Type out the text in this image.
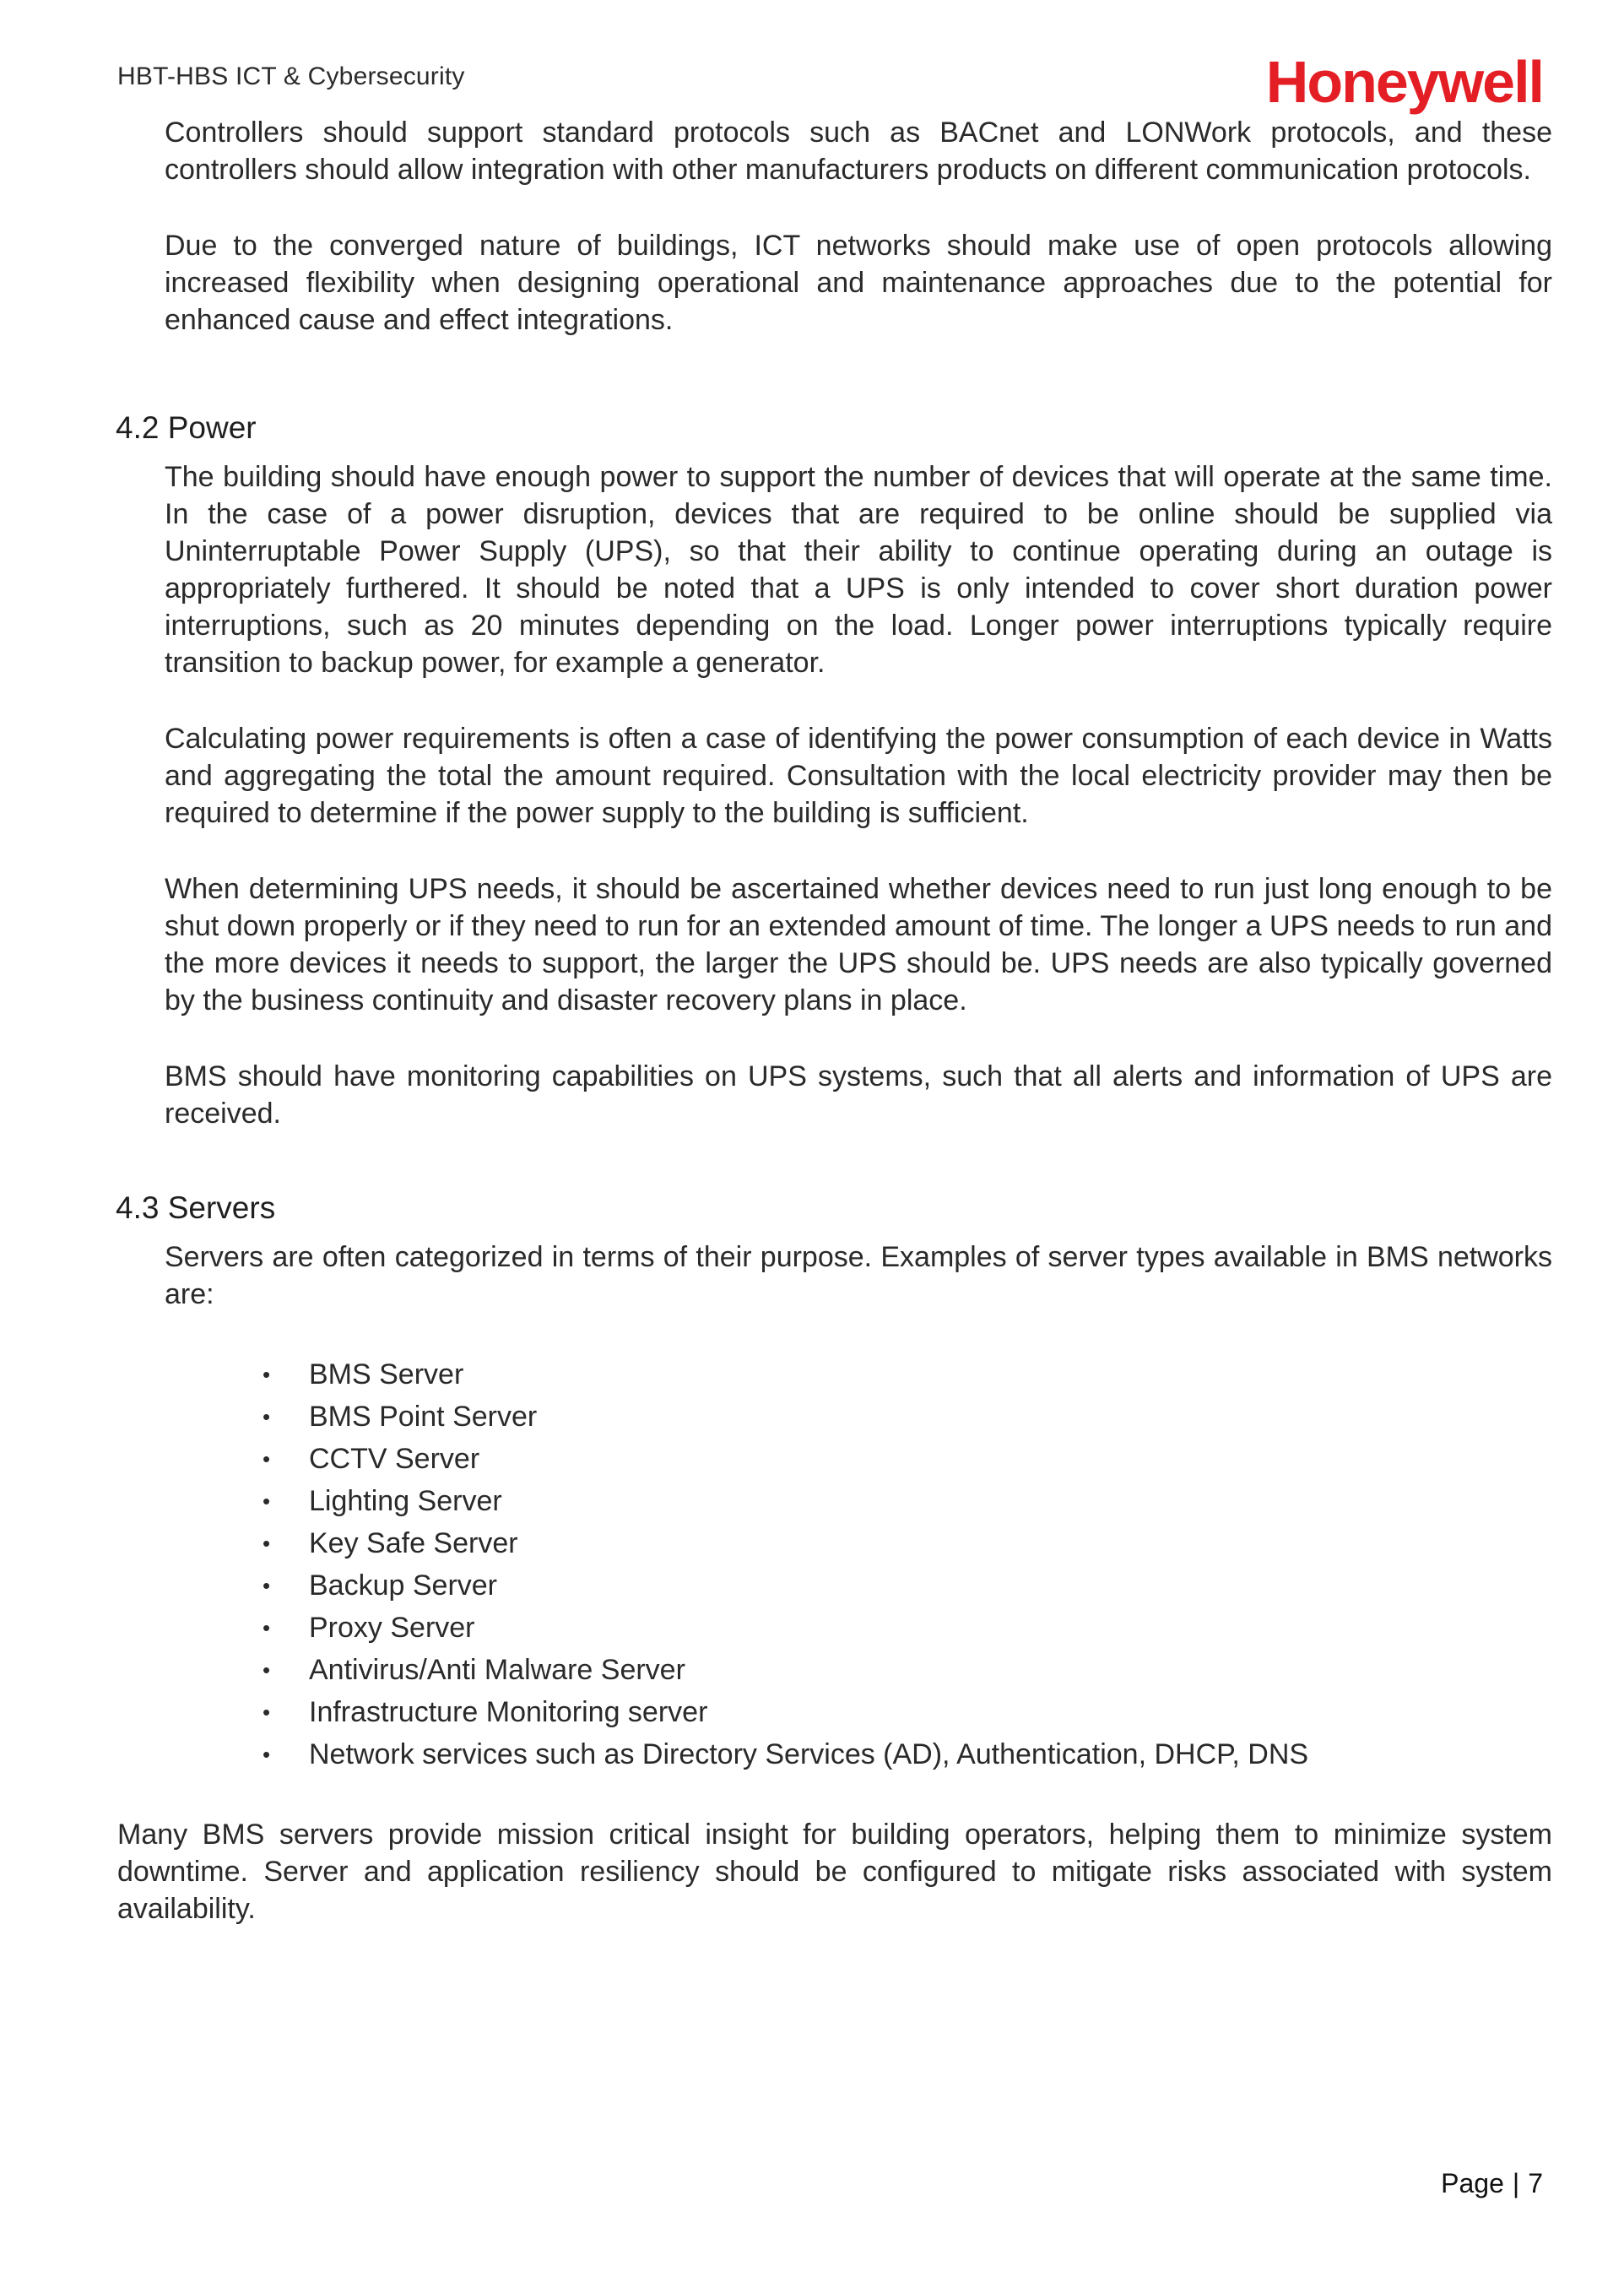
HBT-HBS ICT & Cybersecurity	Honeywell

Controllers should support standard protocols such as BACnet and LONWork protocols, and these controllers should allow integration with other manufacturers products on different communication protocols.

Due to the converged nature of buildings, ICT networks should make use of open protocols allowing increased flexibility when designing operational and maintenance approaches due to the potential for enhanced cause and effect integrations.

4.2 Power

The building should have enough power to support the number of devices that will operate at the same time. In the case of a power disruption, devices that are required to be online should be supplied via Uninterruptable Power Supply (UPS), so that their ability to continue operating during an outage is appropriately furthered. It should be noted that a UPS is only intended to cover short duration power interruptions, such as 20 minutes depending on the load. Longer power interruptions typically require transition to backup power, for example a generator.

Calculating power requirements is often a case of identifying the power consumption of each device in Watts and aggregating the total the amount required. Consultation with the local electricity provider may then be required to determine if the power supply to the building is sufficient.

When determining UPS needs, it should be ascertained whether devices need to run just long enough to be shut down properly or if they need to run for an extended amount of time. The longer a UPS needs to run and the more devices it needs to support, the larger the UPS should be. UPS needs are also typically governed by the business continuity and disaster recovery plans in place.

BMS should have monitoring capabilities on UPS systems, such that all alerts and information of UPS are received.

4.3 Servers

Servers are often categorized in terms of their purpose. Examples of server types available in BMS networks are:

• BMS Server
• BMS Point Server
• CCTV Server
• Lighting Server
• Key Safe Server
• Backup Server
• Proxy Server
• Antivirus/Anti Malware Server
• Infrastructure Monitoring server
• Network services such as Directory Services (AD), Authentication, DHCP, DNS

Many BMS servers provide mission critical insight for building operators, helping them to minimize system downtime. Server and application resiliency should be configured to mitigate risks associated with system availability.

Page | 7
